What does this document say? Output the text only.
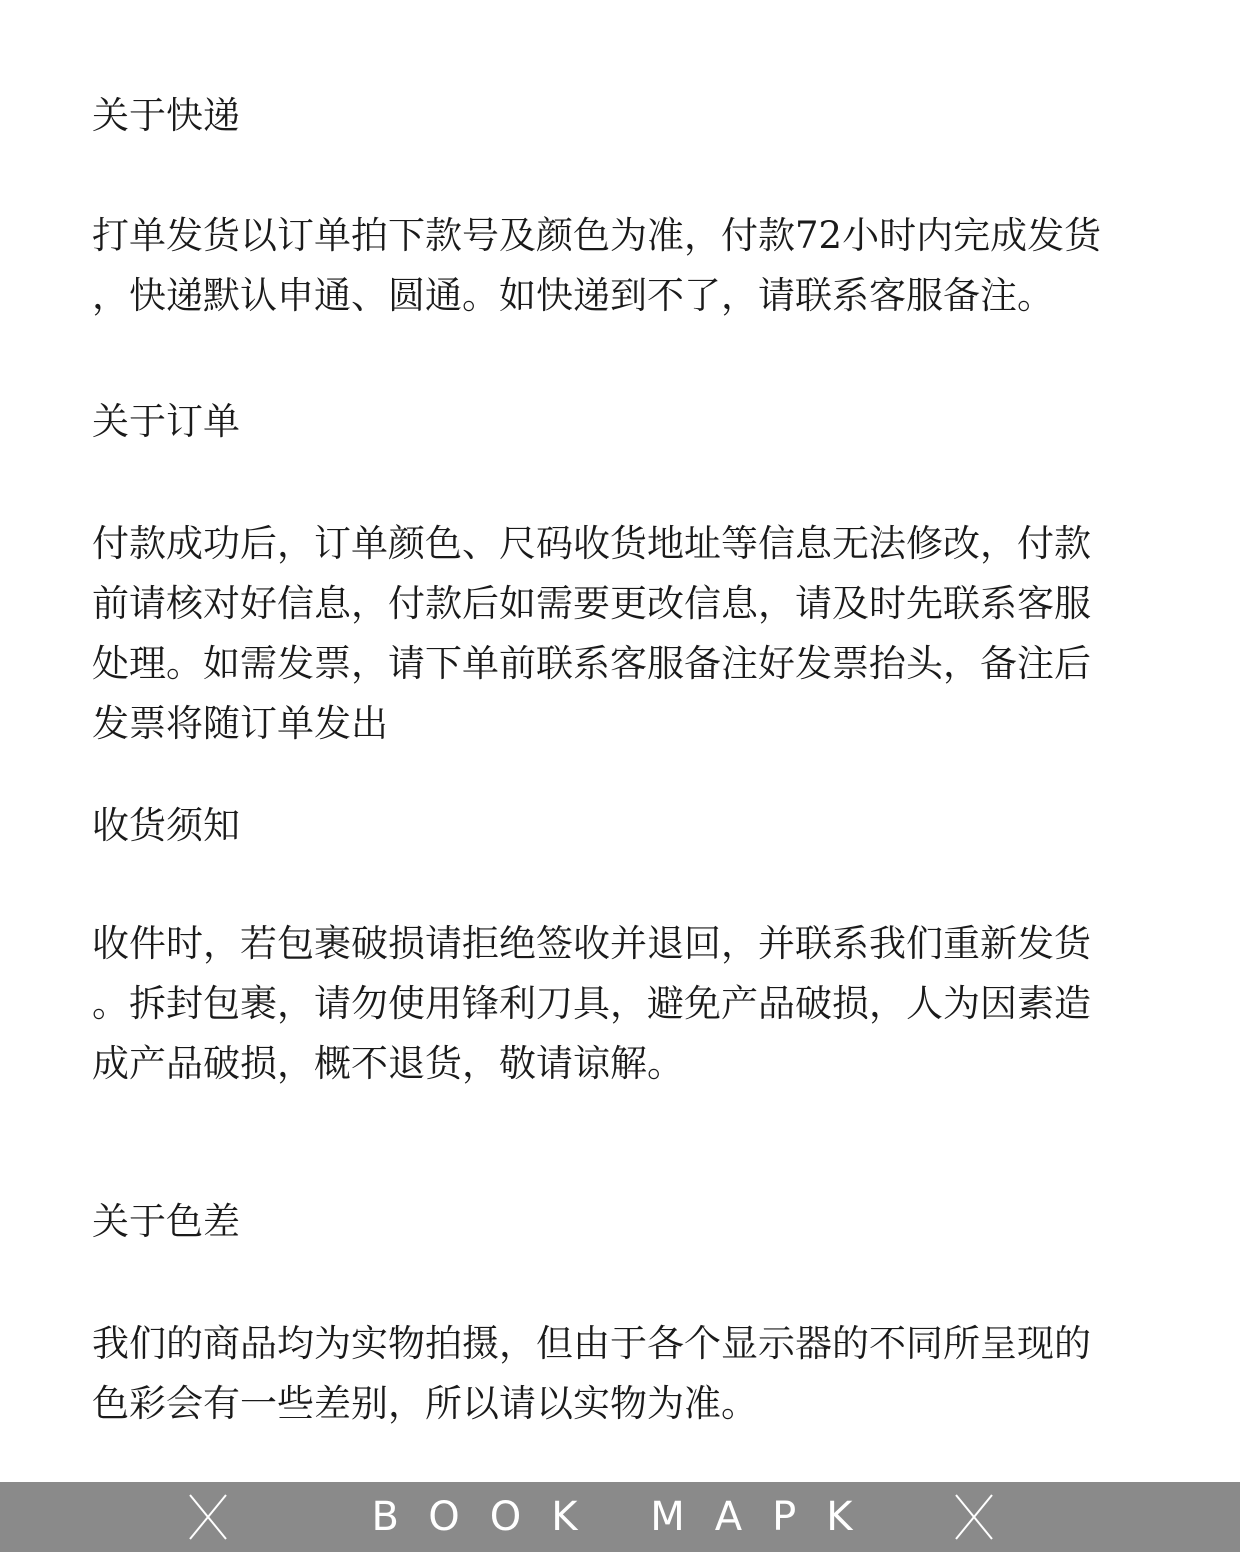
关于快递
打单发货以订单拍下款号及颜色为准，付款72小时内完成发货
，快递默认申通、圆通。如快递到不了，请联系客服备注。
关于订单
付款成功后，订单颜色、尺码收货地址等信息无法修改，付款
前请核对好信息，付款后如需要更改信息，请及时先联系客服
处理。如需发票，请下单前联系客服备注好发票抬头，备注后
发票将随订单发出
收货须知
收件时，若包裹破损请拒绝签收并退回，并联系我们重新发货
。拆封包裹，请勿使用锋利刀具，避免产品破损，人为因素造
成产品破损，概不退货，敬请谅解。
关于色差
我们的商品均为实物拍摄，但由于各个显示器的不同所呈现的
色彩会有一些差别，所以请以实物为准。
BOOK MAPK
